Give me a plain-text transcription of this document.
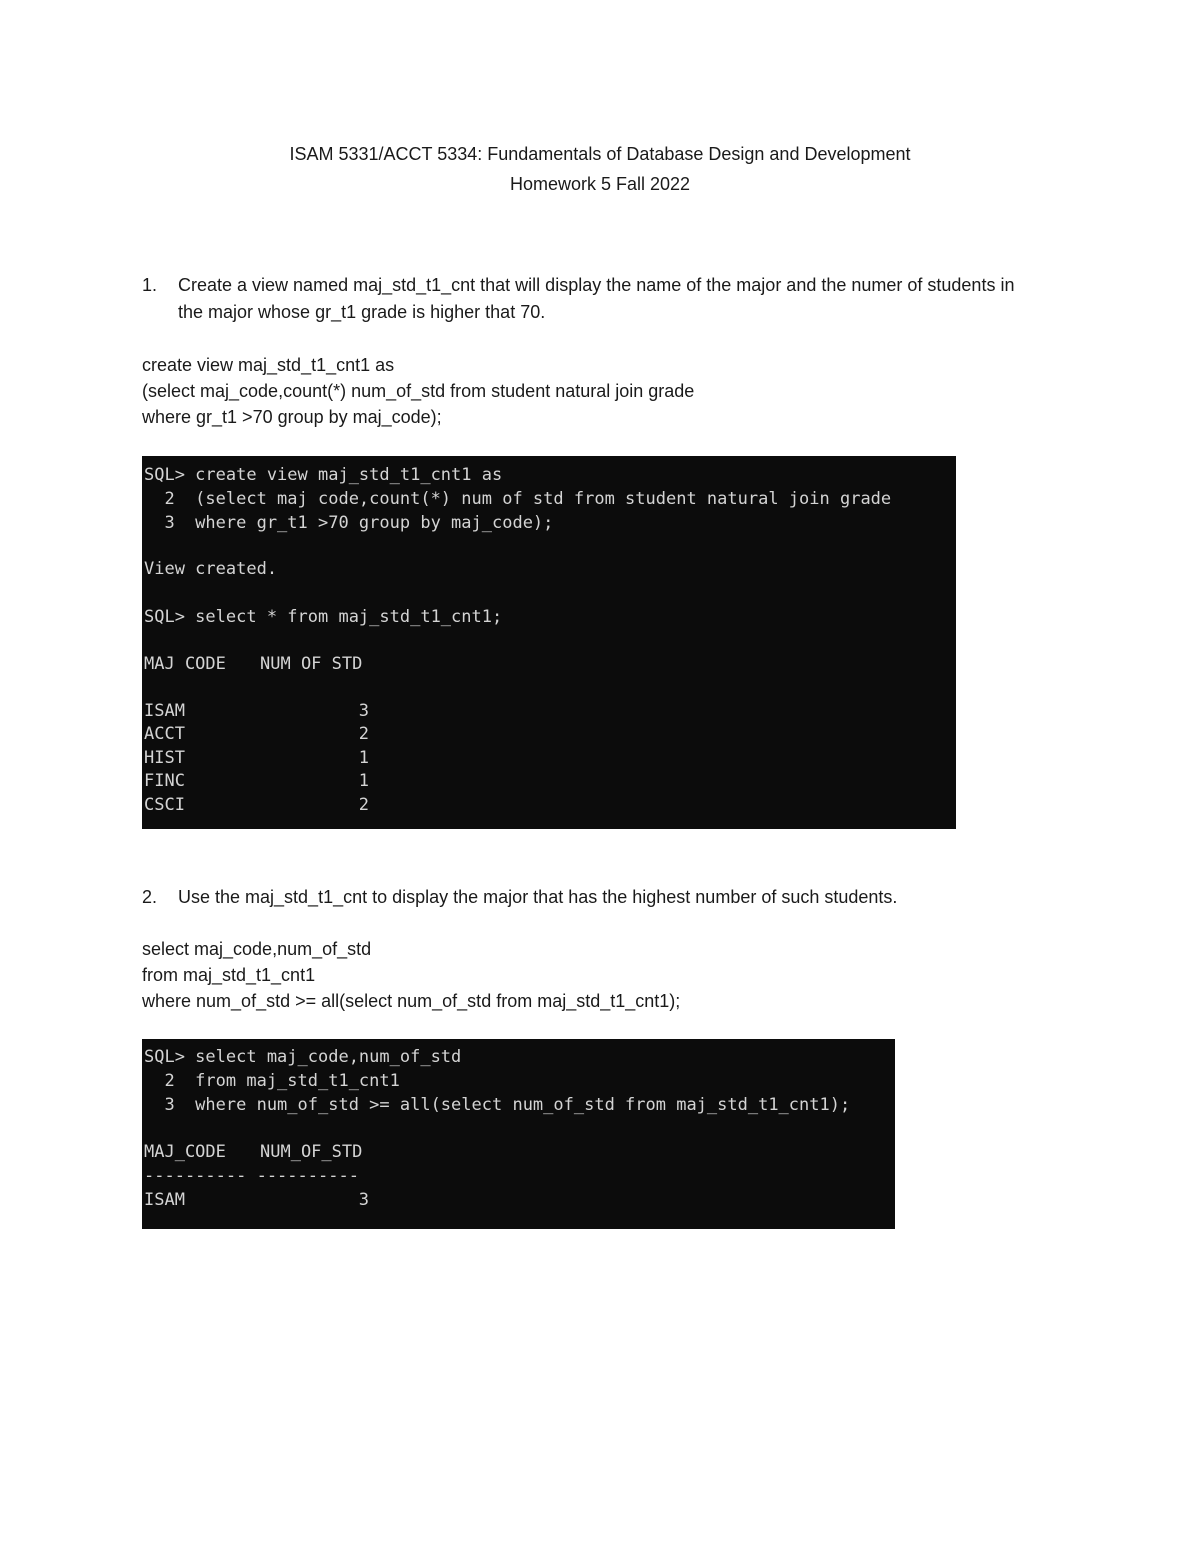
ISAM 5331/ACCT 5334: Fundamentals of Database Design and Development
Homework 5 Fall 2022
1. Create a view named maj_std_t1_cnt that will display the name of the major and the numer of students in the major whose gr_t1 grade is higher that 70.
create view maj_std_t1_cnt1 as
(select maj_code,count(*) num_of_std from student natural join grade
where gr_t1 >70 group by maj_code);
SQL> create view maj_std_t1_cnt1 as
2  (select maj code,count(*) num of std from student natural join grade
3  where gr_t1 >70 group by maj_code);
View created.
SQL> select * from maj_std_t1_cnt1;
MAJ CODE NUM OF STD
ISAM	3
ACCT	2
HIST	1
FINC	1
CSCI	2
2. Use the maj_std_t1_cnt to display the major that has the highest number of such students.
select maj_code,num_of_std
from maj_std_t1_cnt1
where num_of_std >= all(select num_of_std from maj_std_t1_cnt1);
SQL> select maj_code,num_of_std
2  from maj_std_t1_cnt1
3  where num_of_std >= all(select num_of_std from maj_std_t1_cnt1);
MAJ_CODE NUM_OF_STD
---------- ----------
ISAM	3
